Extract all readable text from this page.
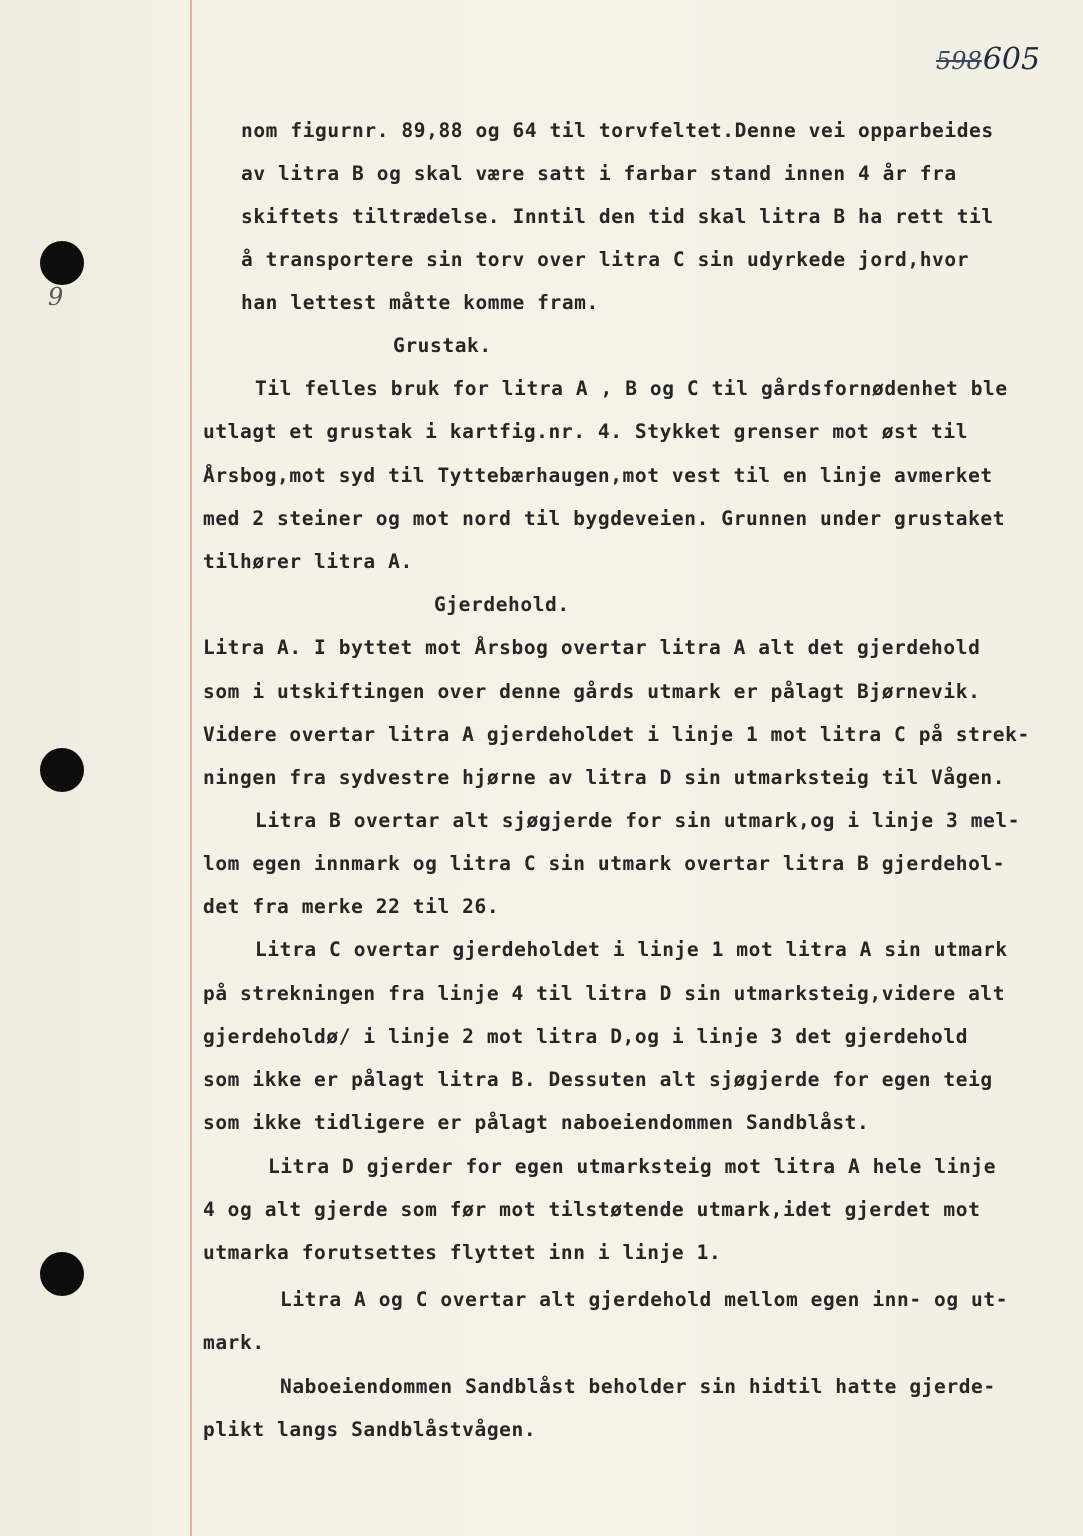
9
598605
nom figurnr. 89,88 og 64 til torvfeltet.Denne vei opparbeides
av litra B og skal være satt i farbar stand innen 4 år fra
skiftets tiltrædelse. Inntil den tid skal litra B ha rett til
å transportere sin torv over litra C sin udyrkede jord,hvor
han lettest måtte komme fram.
Grustak.
Til felles bruk for litra A , B og C til gårdsfornødenhet ble
utlagt et grustak i kartfig.nr. 4. Stykket grenser mot øst til
Årsbog,mot syd til Tyttebærhaugen,mot vest til en linje avmerket
med 2 steiner og mot nord til bygdeveien. Grunnen under grustaket
tilhører litra A.
Gjerdehold.
Litra A. I byttet mot Årsbog overtar litra A alt det gjerdehold
som i utskiftingen over denne gårds utmark er pålagt Bjørnevik.
Videre overtar litra A gjerdeholdet i linje 1 mot litra C på strek-
ningen fra sydvestre hjørne av litra D sin utmarksteig til Vågen.
Litra B overtar alt sjøgjerde for sin utmark,og i linje 3 mel-
lom egen innmark og litra C sin utmark overtar litra B gjerdehol-
det fra merke 22 til 26.
Litra C overtar gjerdeholdet i linje 1 mot litra A sin utmark
på strekningen fra linje 4 til litra D sin utmarksteig,videre alt
gjerdeholdø/ i linje 2 mot litra D,og i linje 3 det gjerdehold
som ikke er pålagt litra B. Dessuten alt sjøgjerde for egen teig
som ikke tidligere er pålagt naboeiendommen Sandblåst.
Litra D gjerder for egen utmarksteig mot litra A hele linje
4 og alt gjerde som før mot tilstøtende utmark,idet gjerdet mot
utmarka forutsettes flyttet inn i linje 1.
Litra A og C overtar alt gjerdehold mellom egen inn- og ut-
mark.
Naboeiendommen Sandblåst beholder sin hidtil hatte gjerde-
plikt langs Sandblåstvågen.
